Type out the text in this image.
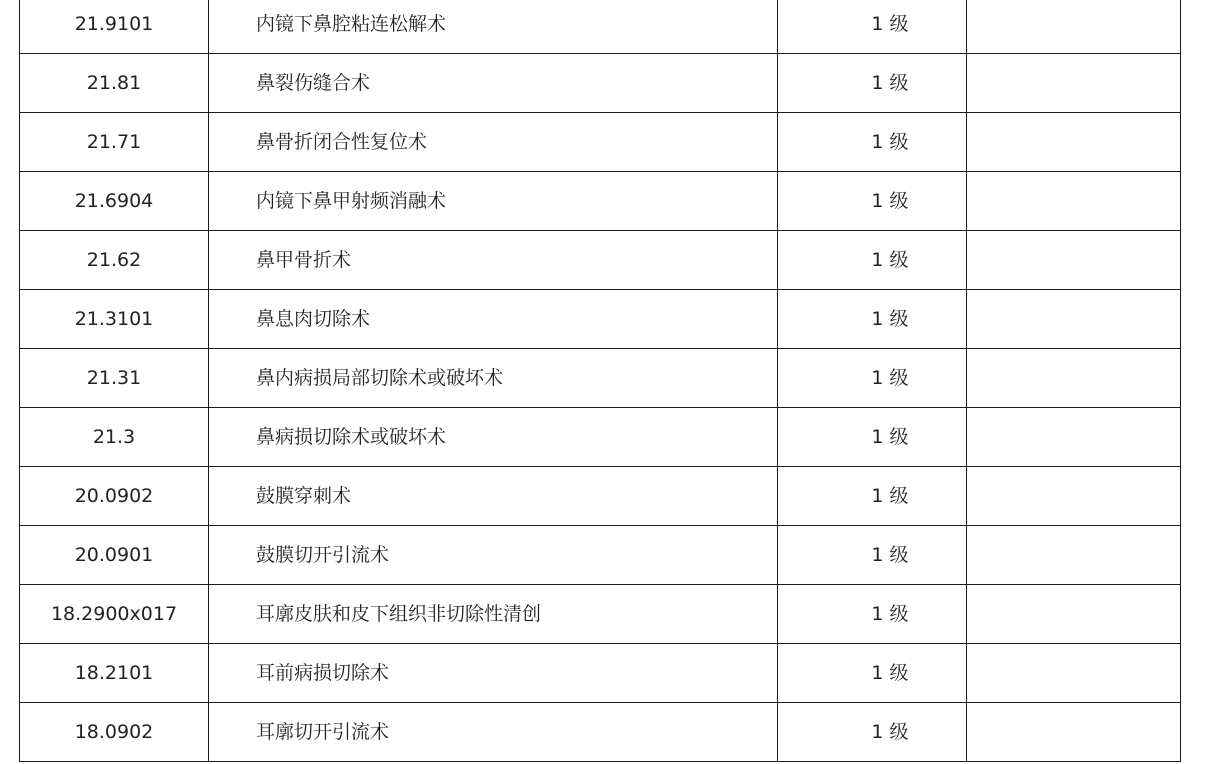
21.9101	内镜下鼻腔粘连松解术	1 级	
21.81	鼻裂伤缝合术	1 级	
21.71	鼻骨折闭合性复位术	1 级	
21.6904	内镜下鼻甲射频消融术	1 级	
21.62	鼻甲骨折术	1 级	
21.3101	鼻息肉切除术	1 级	
21.31	鼻内病损局部切除术或破坏术	1 级	
21.3	鼻病损切除术或破坏术	1 级	
20.0902	鼓膜穿刺术	1 级	
20.0901	鼓膜切开引流术	1 级	
18.2900x017	耳廓皮肤和皮下组织非切除性清创	1 级	
18.2101	耳前病损切除术	1 级	
18.0902	耳廓切开引流术	1 级	
